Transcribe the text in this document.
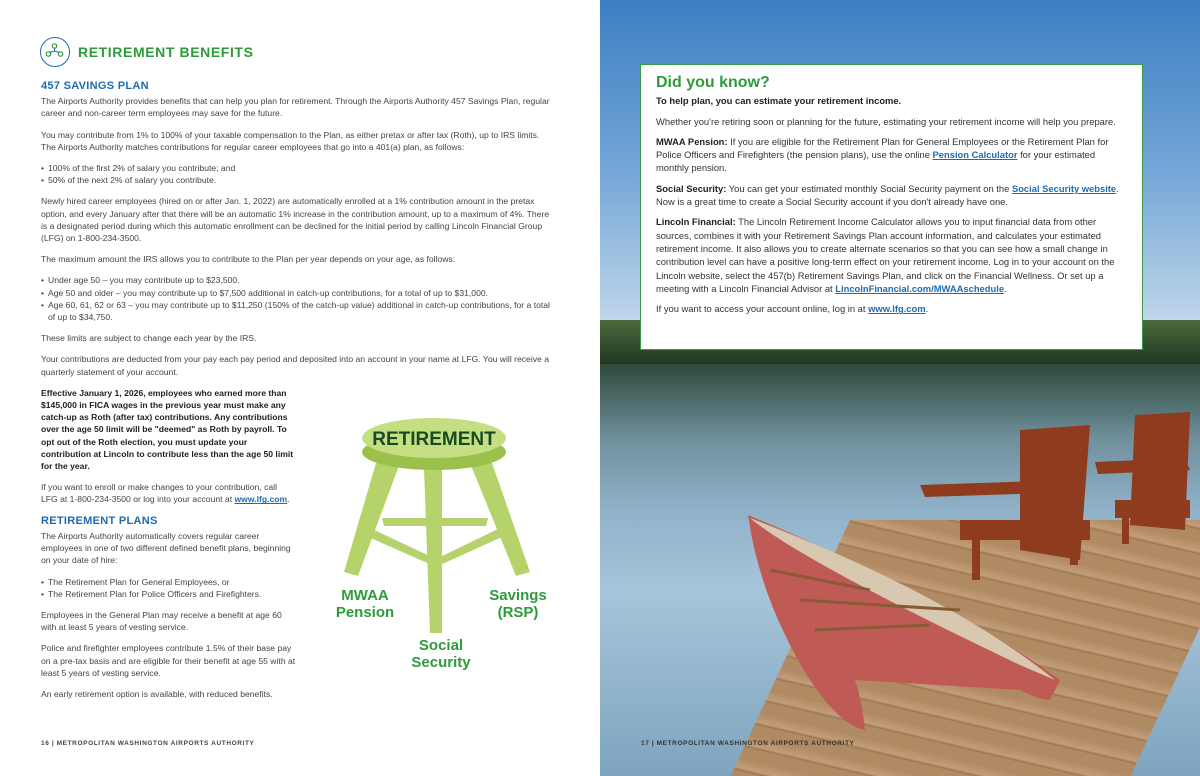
RETIREMENT BENEFITS
457 SAVINGS PLAN

The Airports Authority provides benefits that can help you plan for retirement. Through the Airports Authority 457 Savings Plan, regular career and non-career term employees may save for the future.

You may contribute from 1% to 100% of your taxable compensation to the Plan, as either pretax or after tax (Roth), up to IRS limits. The Airports Authority matches contributions for regular career employees that go into a 401(a) plan, as follows:

• 100% of the first 2% of salary you contribute; and
• 50% of the next 2% of salary you contribute.

Newly hired career employees (hired on or after Jan. 1, 2022) are automatically enrolled at a 1% contribution amount in the pretax option, and every January after that there will be an automatic 1% increase in the contribution amount, up to a maximum of 4%. There is a designated period during which this automatic enrollment can be declined for the initial period by calling Lincoln Financial Group (LFG) on 1-800-234-3500.

The maximum amount the IRS allows you to contribute to the Plan per year depends on your age, as follows:

• Under age 50 – you may contribute up to $23,500.
• Age 50 and older – you may contribute up to $7,500 additional in catch-up contributions, for a total of up to $31,000.
• Age 60, 61, 62 or 63 – you may contribute up to $11,250 (150% of the catch-up value) additional in catch-up contributions, for a total of up to $34,750.

These limits are subject to change each year by the IRS.

Your contributions are deducted from your pay each pay period and deposited into an account in your name at LFG. You will receive a quarterly statement of your account.

Effective January 1, 2026, employees who earned more than $145,000 in FICA wages in the previous year must make any catch-up as Roth (after tax) contributions. Any contributions over the age 50 limit will be "deemed" as Roth by payroll. To opt out of the Roth election, you must update your contribution at Lincoln to contribute less than the age 50 limit for the year.

If you want to enroll or make changes to your contribution, call LFG at 1-800-234-3500 or log into your account at www.lfg.com.

RETIREMENT PLANS

The Airports Authority automatically covers regular career employees in one of two different defined benefit plans, beginning on your date of hire:

• The Retirement Plan for General Employees, or
• The Retirement Plan for Police Officers and Firefighters.

Employees in the General Plan may receive a benefit at age 60 with at least 5 years of vesting service.

Police and firefighter employees contribute 1.5% of their base pay on a pre-tax basis and are eligible for their benefit at age 55 with at least 5 years of vesting service.

An early retirement option is available, with reduced benefits.

RETIREMENT
MWAA
Pension
Social
Security
Savings
(RSP)
16 | METROPOLITAN WASHINGTON AIRPORTS AUTHORITY
Did you know?

To help plan, you can estimate your retirement income.

Whether you're retiring soon or planning for the future, estimating your retirement income will help you prepare.

MWAA Pension: If you are eligible for the Retirement Plan for General Employees or the Retirement Plan for Police Officers and Firefighters (the pension plans), use the online Pension Calculator for your estimated monthly pension.

Social Security: You can get your estimated monthly Social Security payment on the Social Security website. Now is a great time to create a Social Security account if you don't already have one.

Lincoln Financial: The Lincoln Retirement Income Calculator allows you to input financial data from other sources, combines it with your Retirement Savings Plan account information, and calculates your estimated retirement income. It also allows you to create alternate scenarios so that you can see how a small change in contribution level can have a positive long-term effect on your retirement income. Log in to your account on the Lincoln website, select the 457(b) Retirement Savings Plan, and click on the Financial Wellness. Or set up a meeting with a Lincoln Financial Advisor at LincolnFinancial.com/MWAAschedule.

If you want to access your account online, log in at www.lfg.com.

17 | METROPOLITAN WASHINGTON AIRPORTS AUTHORITY
